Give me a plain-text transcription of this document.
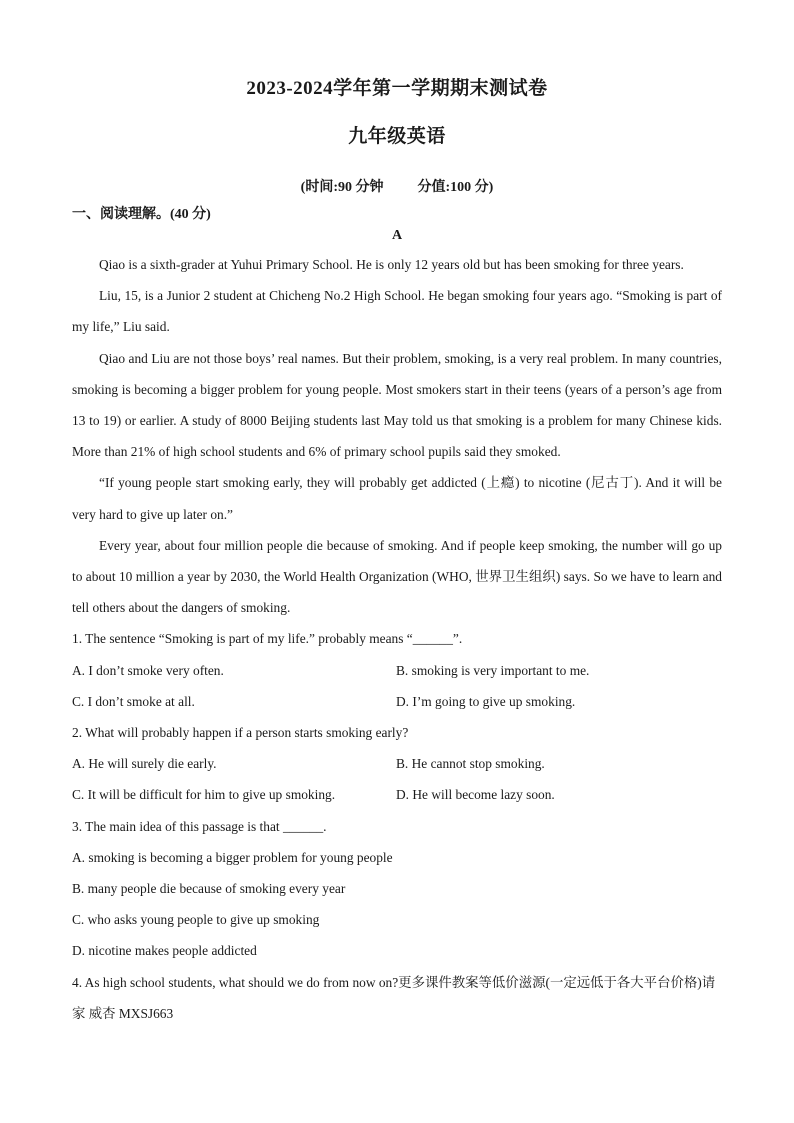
2023-2024学年第一学期期末测试卷
九年级英语
(时间:90 分钟 分值:100 分)
一、阅读理解。(40 分)
A

Qiao is a sixth-grader at Yuhui Primary School. He is only 12 years old but has been smoking for three years.

Liu, 15, is a Junior 2 student at Chicheng No.2 High School. He began smoking four years ago. “Smoking is part of my life,” Liu said.

Qiao and Liu are not those boys’ real names. But their problem, smoking, is a very real problem. In many countries, smoking is becoming a bigger problem for young people. Most smokers start in their teens (years of a person’s age from 13 to 19) or earlier. A study of 8000 Beijing students last May told us that smoking is a problem for many Chinese kids. More than 21% of high school students and 6% of primary school pupils said they smoked.

“If young people start smoking early, they will probably get addicted (上瘾) to nicotine (尼古丁). And it will be very hard to give up later on.”

Every year, about four million people die because of smoking. And if people keep smoking, the number will go up to about 10 million a year by 2030, the World Health Organization (WHO, 世界卫生组织) says. So we have to learn and tell others about the dangers of smoking.

1. The sentence “Smoking is part of my life.” probably means “______”.

A. I don’t smoke very often.	B. smoking is very important to me.
C. I don’t smoke at all.	D. I’m going to give up smoking.

2. What will probably happen if a person starts smoking early?

A. He will surely die early.	B. He cannot stop smoking.
C. It will be difficult for him to give up smoking.	D. He will become lazy soon.

3. The main idea of this passage is that ______.

A. smoking is becoming a bigger problem for young people

B. many people die because of smoking every year

C. who asks young people to give up smoking

D. nicotine makes people addicted

4. As high school students, what should we do from now on?更多课件教案等低价滋源(一定远低于各大平台价格)请 家 威杏 MXSJ663
